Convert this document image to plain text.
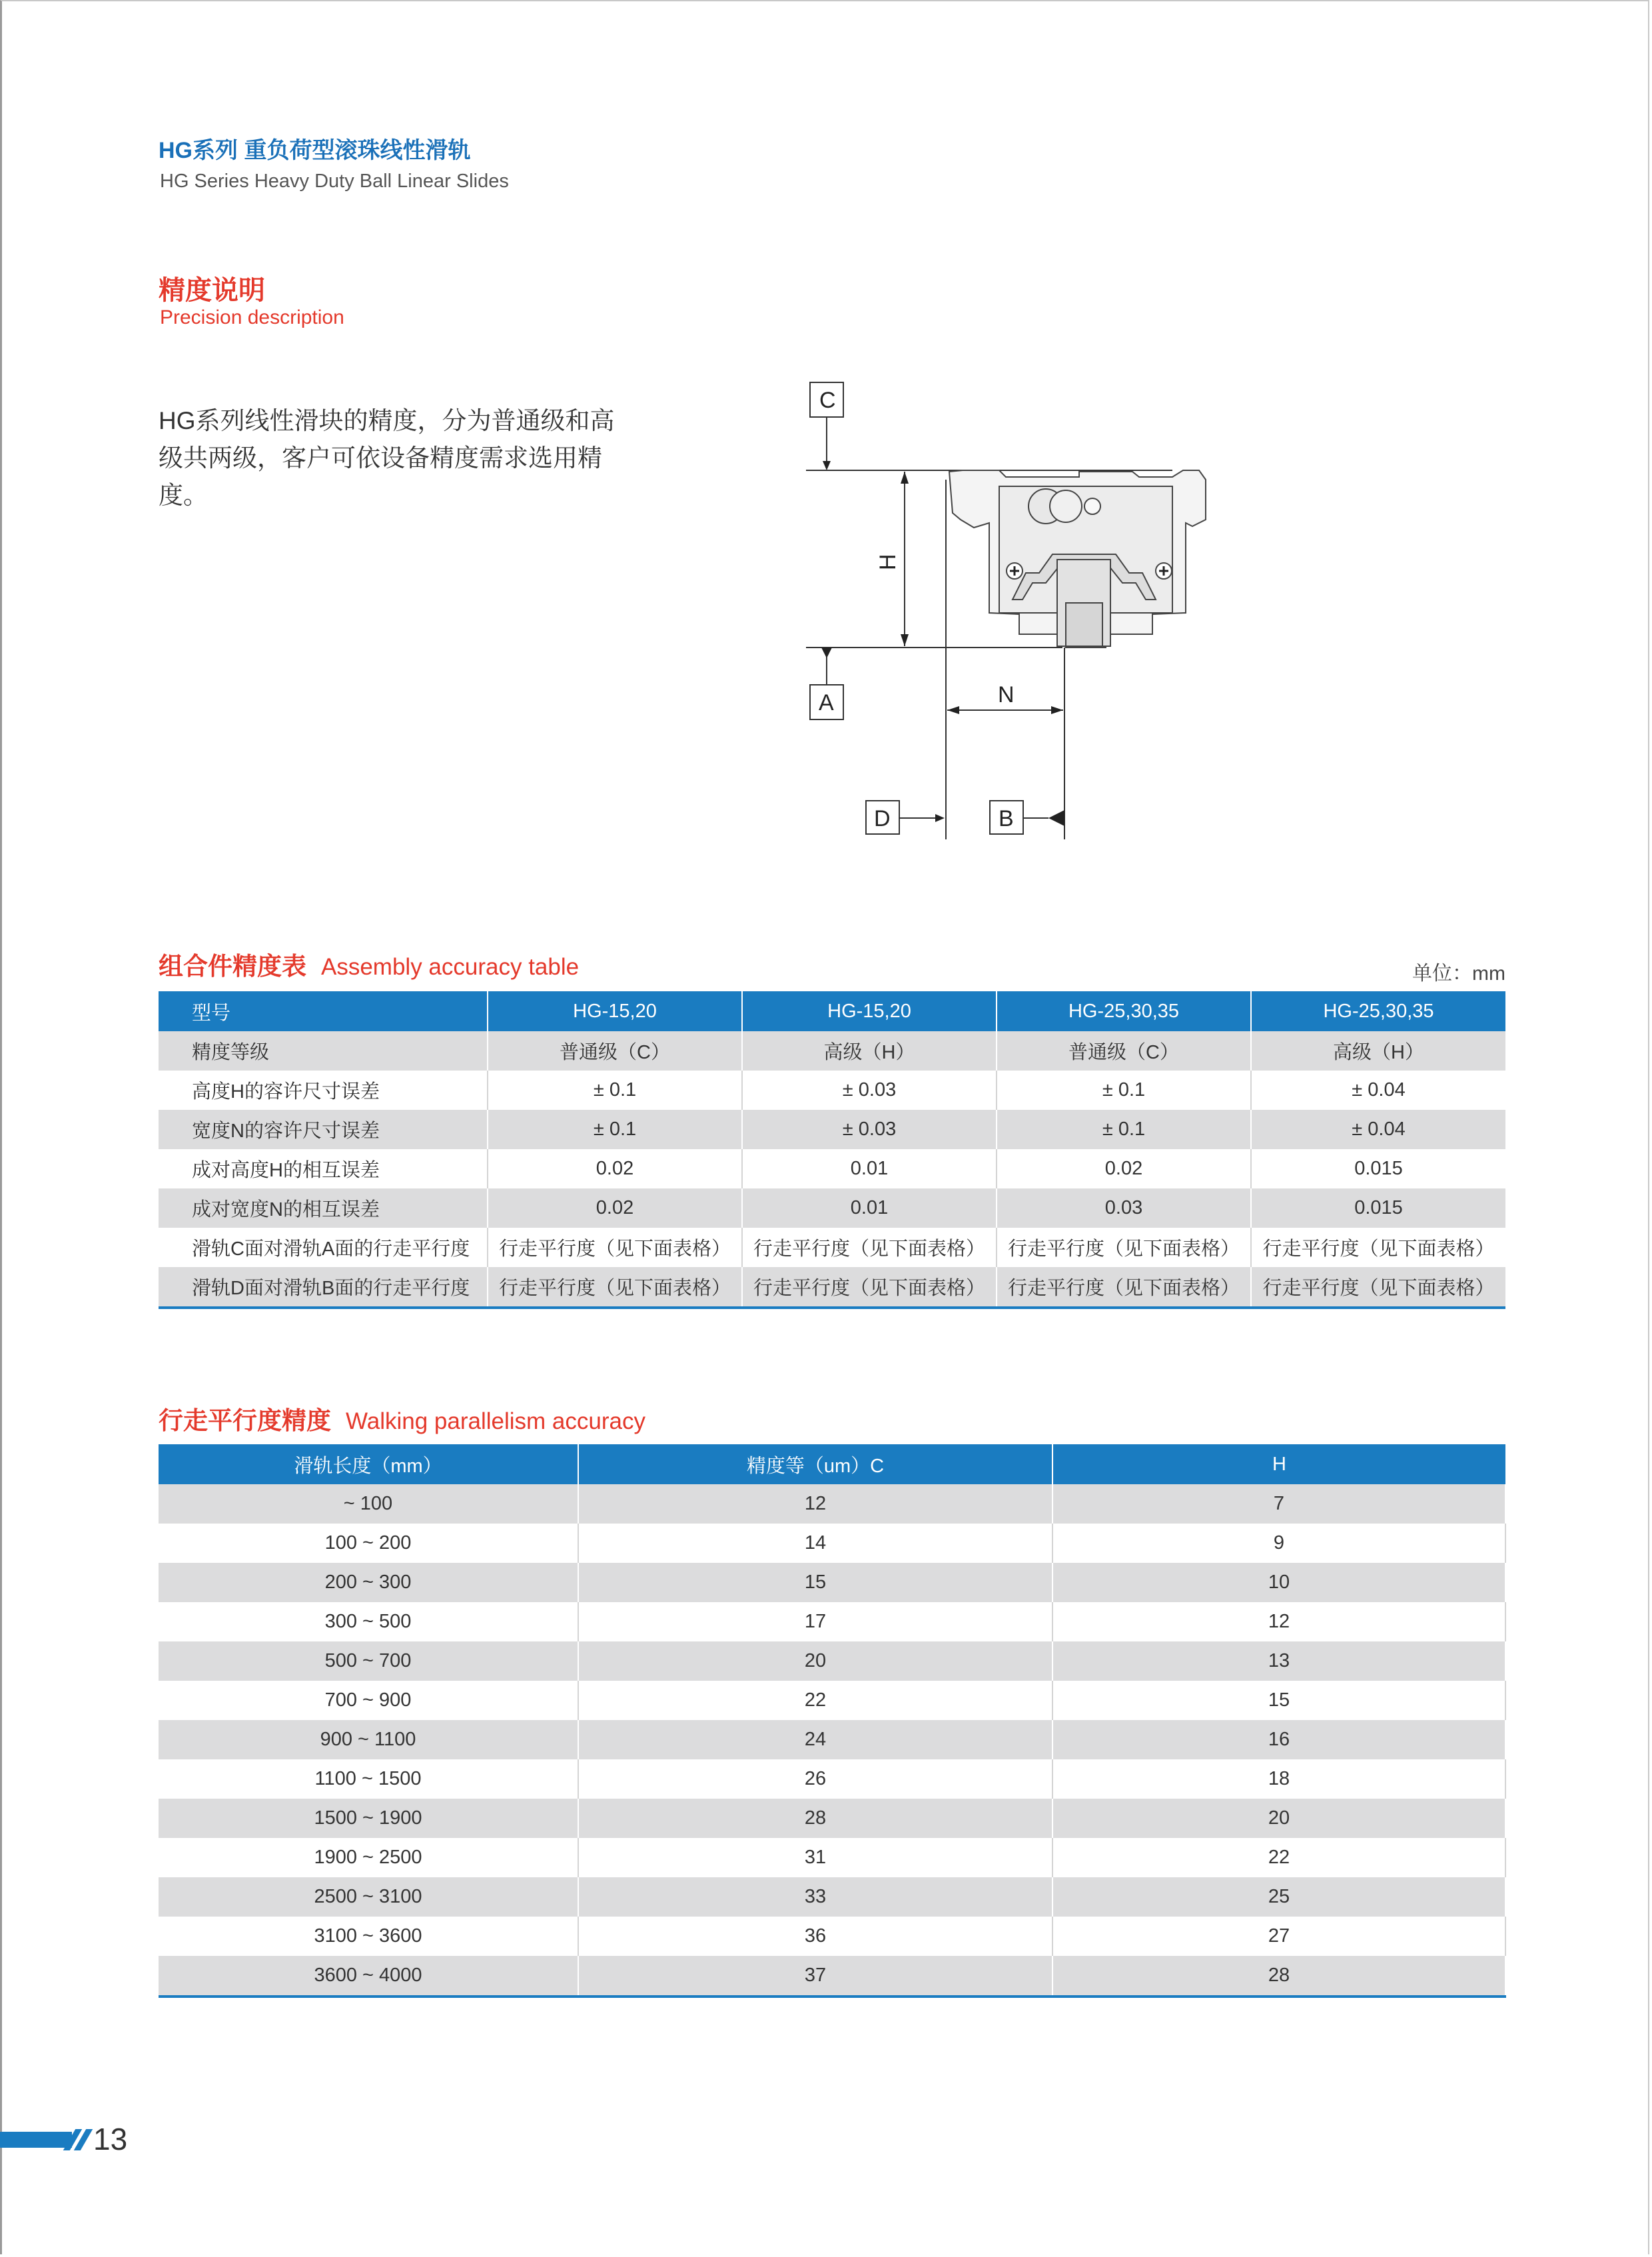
HG系列 重负荷型滚珠线性滑轨
HG Series Heavy Duty Ball Linear Slides
精度说明
Precision description
HG系列线性滑块的精度，分为普通级和高级共两级，客户可依设备精度需求选用精度。
C
A
D	B
N
H
组合件精度表 Assembly accuracy table	单位：mm
型号	HG-15,20	HG-15,20	HG-25,30,35	HG-25,30,35
精度等级	普通级（C）	高级（H）	普通级（C）	高级（H）
高度H的容许尺寸误差	± 0.1	± 0.03	± 0.1	± 0.04
宽度N的容许尺寸误差	± 0.1	± 0.03	± 0.1	± 0.04
成对高度H的相互误差	0.02	0.01	0.02	0.015
成对宽度N的相互误差	0.02	0.01	0.03	0.015
滑轨C面对滑轨A面的行走平行度	行走平行度（见下面表格）	行走平行度（见下面表格）	行走平行度（见下面表格）	行走平行度（见下面表格）
滑轨D面对滑轨B面的行走平行度	行走平行度（见下面表格）	行走平行度（见下面表格）	行走平行度（见下面表格）	行走平行度（见下面表格）
行走平行度精度 Walking parallelism accuracy
滑轨长度（mm）	精度等（um）C	H
~ 100	12	7
100 ~ 200	14	9
200 ~ 300	15	10
300 ~ 500	17	12
500 ~ 700	20	13
700 ~ 900	22	15
900 ~ 1100	24	16
1100 ~ 1500	26	18
1500 ~ 1900	28	20
1900 ~ 2500	31	22
2500 ~ 3100	33	25
3100 ~ 3600	36	27
3600 ~ 4000	37	28
13
